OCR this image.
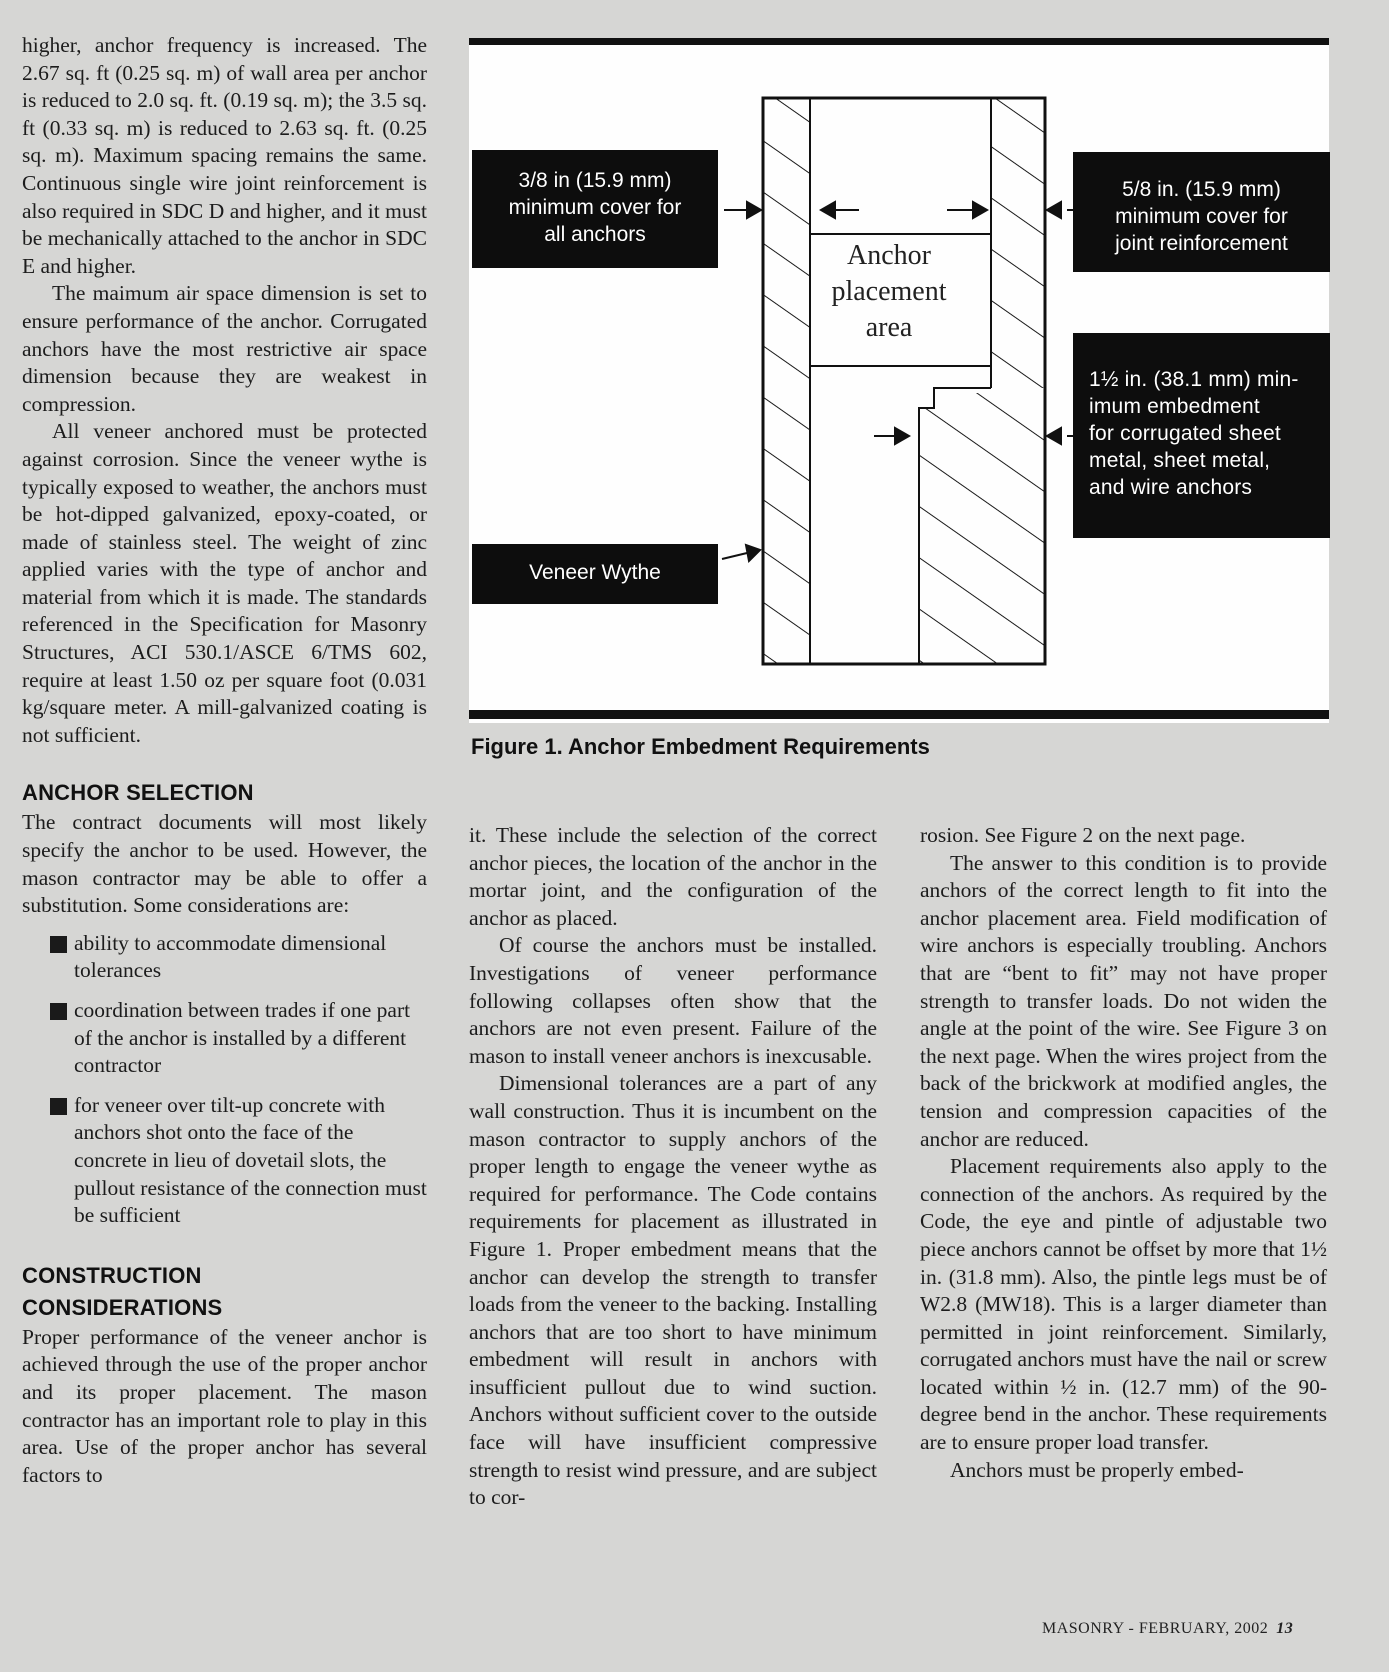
higher, anchor frequency is increased. The 2.67 sq. ft (0.25 sq. m) of wall area per anchor is reduced to 2.0 sq. ft. (0.19 sq. m); the 3.5 sq. ft (0.33 sq. m) is reduced to 2.63 sq. ft. (0.25 sq. m). Maximum spacing remains the same. Continuous single wire joint reinforcement is also required in SDC D and higher, and it must be mechanically attached to the anchor in SDC E and higher.

The maimum air space dimension is set to ensure performance of the anchor. Corrugated anchors have the most restrictive air space dimension because they are weakest in compression.

All veneer anchored must be protected against corrosion. Since the veneer wythe is typically exposed to weather, the anchors must be hot-dipped galvanized, epoxy-coated, or made of stainless steel. The weight of zinc applied varies with the type of anchor and material from which it is made. The standards referenced in the Specification for Masonry Structures, ACI 530.1/ASCE 6/TMS 602, require at least 1.50 oz per square foot (0.031 kg/square meter. A mill-galvanized coating is not sufficient.

ANCHOR SELECTION

The contract documents will most likely specify the anchor to be used. However, the mason contractor may be able to offer a substitution. Some considerations are:

ability to accommodate dimensional tolerances
coordination between trades if one part of the anchor is installed by a different contractor
for veneer over tilt-up concrete with anchors shot onto the face of the concrete in lieu of dovetail slots, the pullout resistance of the connection must be sufficient
CONSTRUCTION
CONSIDERATIONS

Proper performance of the veneer anchor is achieved through the use of the proper anchor and its proper placement. The mason contractor has an important role to play in this area. Use of the proper anchor has several factors to

3/8 in (15.9 mm)
minimum cover for
all anchors
5/8 in. (15.9 mm)
minimum cover for
joint reinforcement
1½ in. (38.1 mm) min-
imum embedment
for corrugated sheet
metal, sheet metal,
and wire anchors
Veneer Wythe
Anchor
placement
area
Figure 1. Anchor Embedment Requirements

it. These include the selection of the correct anchor pieces, the location of the anchor in the mortar joint, and the configuration of the anchor as placed.

Of course the anchors must be installed. Investigations of veneer performance following collapses often show that the anchors are not even present. Failure of the mason to install veneer anchors is inexcusable.

Dimensional tolerances are a part of any wall construction. Thus it is incumbent on the mason contractor to supply anchors of the proper length to engage the veneer wythe as required for performance. The Code contains requirements for placement as illustrated in Figure 1. Proper embedment means that the anchor can develop the strength to transfer loads from the veneer to the backing. Installing anchors that are too short to have minimum embedment will result in anchors with insufficient pullout due to wind suction. Anchors without sufficient cover to the outside face will have insufficient compressive strength to resist wind pressure, and are subject to cor-

rosion. See Figure 2 on the next page.

The answer to this condition is to provide anchors of the correct length to fit into the anchor placement area. Field modification of wire anchors is especially troubling. Anchors that are “bent to fit” may not have proper strength to transfer loads. Do not widen the angle at the point of the wire. See Figure 3 on the next page. When the wires project from the back of the brickwork at modified angles, the tension and compression capacities of the anchor are reduced.

Placement requirements also apply to the connection of the anchors. As required by the Code, the eye and pintle of adjustable two piece anchors cannot be offset by more that 1½ in. (31.8 mm). Also, the pintle legs must be of W2.8 (MW18). This is a larger diameter than permitted in joint reinforcement. Similarly, corrugated anchors must have the nail or screw located within ½ in. (12.7 mm) of the 90-degree bend in the anchor. These requirements are to ensure proper load transfer.

Anchors must be properly embed-

MASONRY - FEBRUARY, 2002 13
